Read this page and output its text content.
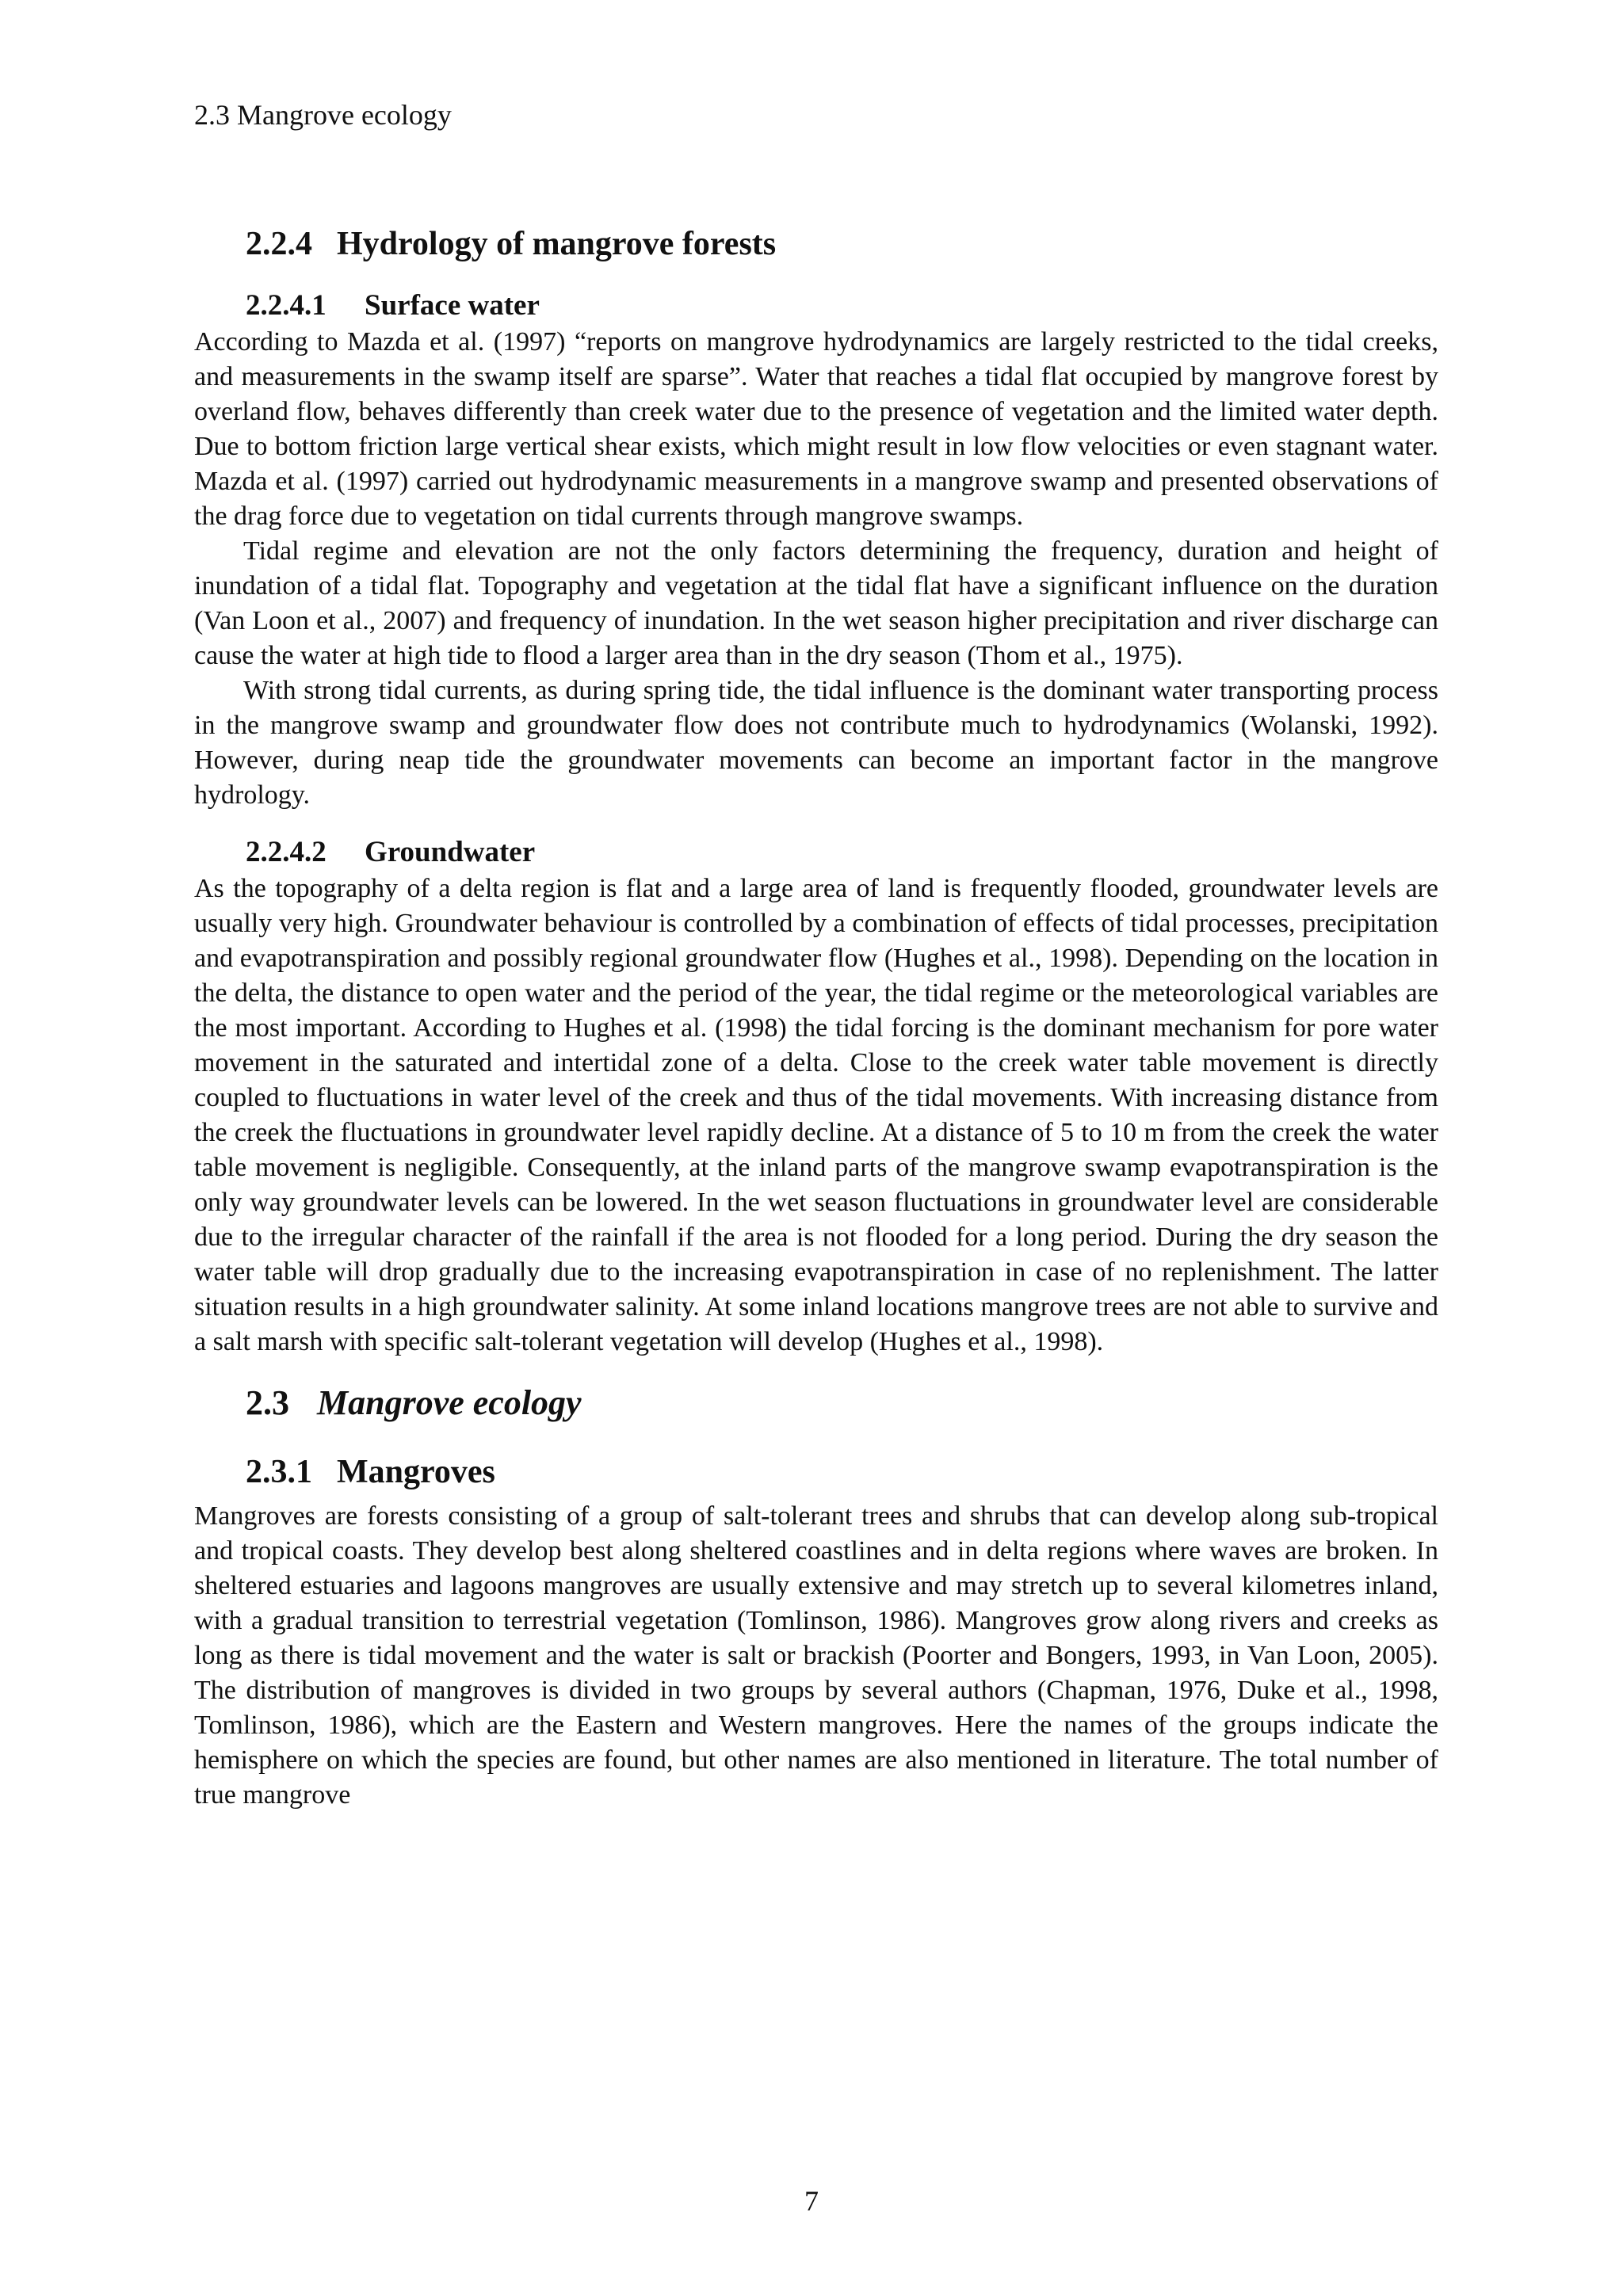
2.3 Mangrove ecology
2.2.4 Hydrology of mangrove forests
2.2.4.1 Surface water

According to Mazda et al. (1997) “reports on mangrove hydrodynamics are largely restricted to the tidal creeks, and measurements in the swamp itself are sparse”. Water that reaches a tidal flat occupied by mangrove forest by overland flow, behaves differently than creek water due to the presence of vegetation and the limited water depth. Due to bottom friction large vertical shear exists, which might result in low flow velocities or even stagnant water. Mazda et al. (1997) carried out hydrodynamic measurements in a mangrove swamp and presented observations of the drag force due to vegetation on tidal currents through mangrove swamps.

Tidal regime and elevation are not the only factors determining the frequency, duration and height of inundation of a tidal flat. Topography and vegetation at the tidal flat have a significant influence on the duration (Van Loon et al., 2007) and frequency of inundation. In the wet season higher precipitation and river discharge can cause the water at high tide to flood a larger area than in the dry season (Thom et al., 1975).

With strong tidal currents, as during spring tide, the tidal influence is the dominant water transporting process in the mangrove swamp and groundwater flow does not contribute much to hydrodynamics (Wolanski, 1992). However, during neap tide the groundwater movements can become an important factor in the mangrove hydrology.

2.2.4.2 Groundwater

As the topography of a delta region is flat and a large area of land is frequently flooded, groundwater levels are usually very high. Groundwater behaviour is controlled by a combination of effects of tidal processes, precipitation and evapotranspiration and possibly regional groundwater flow (Hughes et al., 1998). Depending on the location in the delta, the distance to open water and the period of the year, the tidal regime or the meteorological variables are the most important. According to Hughes et al. (1998) the tidal forcing is the dominant mechanism for pore water movement in the saturated and intertidal zone of a delta. Close to the creek water table movement is directly coupled to fluctuations in water level of the creek and thus of the tidal movements. With increasing distance from the creek the fluctuations in groundwater level rapidly decline. At a distance of 5 to 10 m from the creek the water table movement is negligible. Consequently, at the inland parts of the mangrove swamp evapotranspiration is the only way groundwater levels can be lowered. In the wet season fluctuations in groundwater level are considerable due to the irregular character of the rainfall if the area is not flooded for a long period. During the dry season the water table will drop gradually due to the increasing evapotranspiration in case of no replenishment. The latter situation results in a high groundwater salinity. At some inland locations mangrove trees are not able to survive and a salt marsh with specific salt-tolerant vegetation will develop (Hughes et al., 1998).

2.3 Mangrove ecology
2.3.1 Mangroves

Mangroves are forests consisting of a group of salt-tolerant trees and shrubs that can develop along sub-tropical and tropical coasts. They develop best along sheltered coastlines and in delta regions where waves are broken. In sheltered estuaries and lagoons mangroves are usually extensive and may stretch up to several kilometres inland, with a gradual transition to terrestrial vegetation (Tomlinson, 1986). Mangroves grow along rivers and creeks as long as there is tidal movement and the water is salt or brackish (Poorter and Bongers, 1993, in Van Loon, 2005). The distribution of mangroves is divided in two groups by several authors (Chapman, 1976, Duke et al., 1998, Tomlinson, 1986), which are the Eastern and Western mangroves. Here the names of the groups indicate the hemisphere on which the species are found, but other names are also mentioned in literature. The total number of true mangrove

7
